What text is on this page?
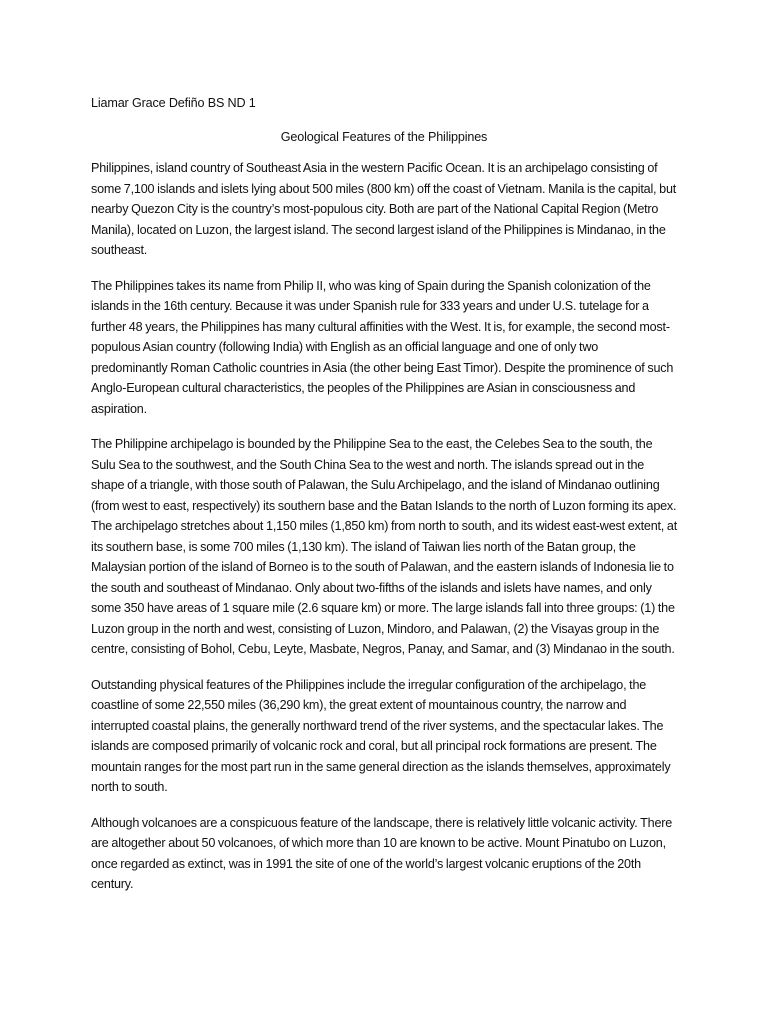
Liamar Grace Defiño BS ND 1
Geological Features of the Philippines

Philippines, island country of Southeast Asia in the western Pacific Ocean. It is an archipelago consisting of some 7,100 islands and islets lying about 500 miles (800 km) off the coast of Vietnam. Manila is the capital, but nearby Quezon City is the country’s most-populous city. Both are part of the National Capital Region (Metro Manila), located on Luzon, the largest island. The second largest island of the Philippines is Mindanao, in the southeast.

The Philippines takes its name from Philip II, who was king of Spain during the Spanish colonization of the islands in the 16th century. Because it was under Spanish rule for 333 years and under U.S. tutelage for a further 48 years, the Philippines has many cultural affinities with the West. It is, for example, the second most-populous Asian country (following India) with English as an official language and one of only two predominantly Roman Catholic countries in Asia (the other being East Timor). Despite the prominence of such Anglo-European cultural characteristics, the peoples of the Philippines are Asian in consciousness and aspiration.

The Philippine archipelago is bounded by the Philippine Sea to the east, the Celebes Sea to the south, the Sulu Sea to the southwest, and the South China Sea to the west and north. The islands spread out in the shape of a triangle, with those south of Palawan, the Sulu Archipelago, and the island of Mindanao outlining (from west to east, respectively) its southern base and the Batan Islands to the north of Luzon forming its apex. The archipelago stretches about 1,150 miles (1,850 km) from north to south, and its widest east-west extent, at its southern base, is some 700 miles (1,130 km). The island of Taiwan lies north of the Batan group, the Malaysian portion of the island of Borneo is to the south of Palawan, and the eastern islands of Indonesia lie to the south and southeast of Mindanao. Only about two-fifths of the islands and islets have names, and only some 350 have areas of 1 square mile (2.6 square km) or more. The large islands fall into three groups: (1) the Luzon group in the north and west, consisting of Luzon, Mindoro, and Palawan, (2) the Visayas group in the centre, consisting of Bohol, Cebu, Leyte, Masbate, Negros, Panay, and Samar, and (3) Mindanao in the south.

Outstanding physical features of the Philippines include the irregular configuration of the archipelago, the coastline of some 22,550 miles (36,290 km), the great extent of mountainous country, the narrow and interrupted coastal plains, the generally northward trend of the river systems, and the spectacular lakes. The islands are composed primarily of volcanic rock and coral, but all principal rock formations are present. The mountain ranges for the most part run in the same general direction as the islands themselves, approximately north to south.

Although volcanoes are a conspicuous feature of the landscape, there is relatively little volcanic activity. There are altogether about 50 volcanoes, of which more than 10 are known to be active. Mount Pinatubo on Luzon, once regarded as extinct, was in 1991 the site of one of the world’s largest volcanic eruptions of the 20th century.
